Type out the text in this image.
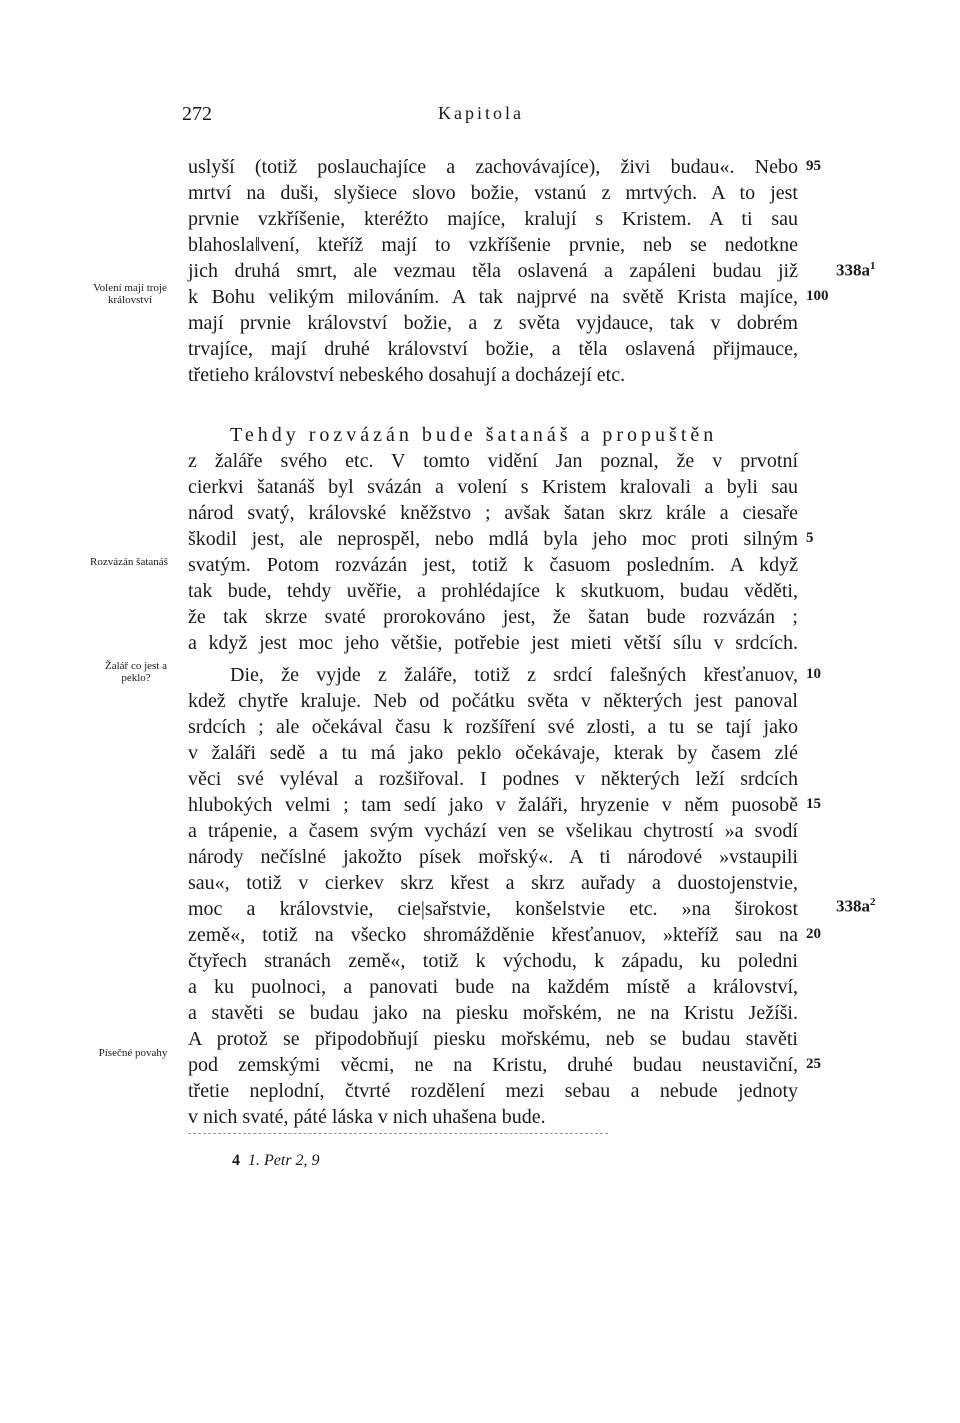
272	Kapitola
uslyší (totiž poslauchajíce a zachovávajíce), živi budau«. Nebo
mrtví na duši, slyšiece slovo božie, vstanú z mrtvých. A to jest
prvnie vzkříšenie, kteréžto majíce, kralují s Kristem. A ti sau
blahosla‖vení, kteříž mají to vzkříšenie prvnie, neb se nedotkne
jich druhá smrt, ale vezmau těla oslavená a zapáleni budau již
k Bohu velikým milováním. A tak najprvé na světě Krista majíce,
mají prvnie království božie, a z světa vyjdauce, tak v dobrém
trvajíce, mají druhé království božie, a těla oslavená přijmauce,
třetieho království nebeského dosahují a docházejí etc.
Tehdy rozvázán bude šatanáš a propuštěn
z žaláře svého etc. V tomto vidění Jan poznal, že v prvotní
cierkvi šatanáš byl svázán a volení s Kristem kralovali a byli sau
národ svatý, královské kněžstvo ; avšak šatan skrz krále a ciesaře
škodil jest, ale neprospěl, nebo mdlá byla jeho moc proti silným
svatým. Potom rozvázán jest, totiž k časuom posledním. A když
tak bude, tehdy uvěřie, a prohlédajíce k skutkuom, budau věděti,
že tak skrze svaté prorokováno jest, že šatan bude rozvázán ;
a když jest moc jeho většie, potřebie jest mieti větší sílu v srdcích.
Die, že vyjde z žaláře, totiž z srdcí falešných křesťanuov,
kdež chytře kraluje. Neb od počátku světa v některých jest panoval
srdcích ; ale očekával času k rozšíření své zlosti, a tu se tají jako
v žaláři sedě a tu má jako peklo očekávaje, kterak by časem zlé
věci své vyléval a rozšiřoval. I podnes v některých leží srdcích
hlubokých velmi ; tam sedí jako v žaláři, hryzenie v něm puosobě
a trápenie, a časem svým vychází ven se všelikau chytrostí »a svodí
národy nečíslné jakožto písek mořský«. A ti národové »vstaupili
sau«, totiž v cierkev skrz křest a skrz auřady a duostojenstvie,
moc a královstvie, cie|sařstvie, konšelstvie etc. »na širokost
země«, totiž na všecko shromážděnie křesťanuov, »kteříž sau na
čtyřech stranách země«, totiž k východu, k západu, ku poledni
a ku puolnoci, a panovati bude na každém místě a království,
a stavěti se budau jako na piesku mořském, ne na Kristu Ježíši.
A protož se připodobňují piesku mořskému, neb se budau stavěti
pod zemskými věcmi, ne na Kristu, druhé budau neustaviční,
třetie neplodní, čtvrté rozdělení mezi sebau a nebude jednoty
v nich svaté, páté láska v nich uhašena bude.
95
100
5
10
15
20
25
$338a^1$
$338a^2$
Volení mají troje království
Rozvázán šatanáš
Žalář co jest a peklo?
Písečné povahy
4 1. Petr 2, 9
